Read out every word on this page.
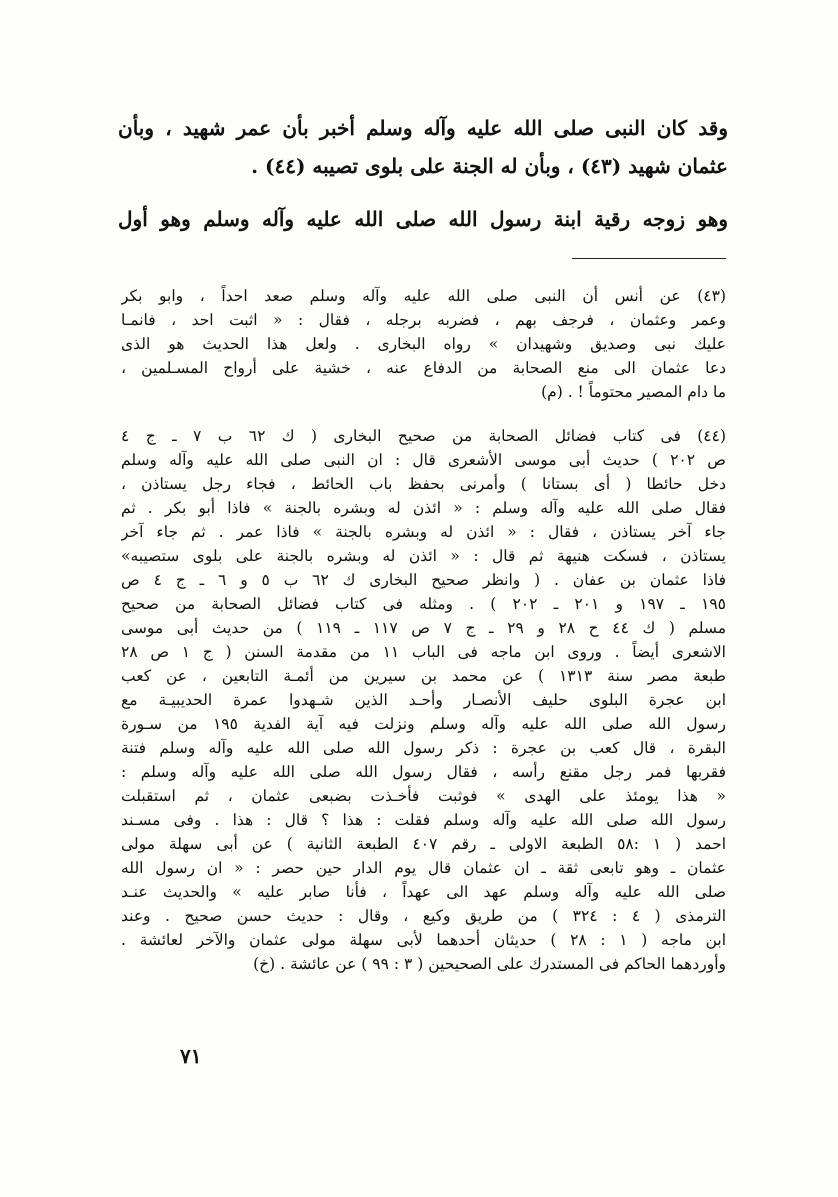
وقد كان النبى صلى الله عليه وآله وسلم أخبر بأن عمر شهيد ، وبأن
عثمان شهيد (٤٣) ، وبأن له الجنة على بلوى تصيبه (٤٤) .
وهو زوجه رقية ابنة رسول الله صلى الله عليه وآله وسلم وهو أول
(٤٣) عن أنس أن النبى صلى الله عليه وآله وسلم صعد احداً ، وابو بكر
وعمر وعثمان ، فرجف بهم ، فضربه برجله ، فقال : « اثبت احد ، فانمـا
عليك نبى وصديق وشهيدان » رواه البخارى . ولعل هذا الحديث هو الذى
دعا عثمان الى منع الصحابة من الدفاع عنه ، خشية على أرواح المسـلمين ،
ما دام المصير محتوماً ! . (م)
(٤٤) فى كتاب فضائل الصحابة من صحيح البخارى ( ك ٦٢ ب ٧ ـ ج ٤
ص ٢٠٢ ) حديث أبى موسى الأشعرى قال : ان النبى صلى الله عليه وآله وسلم
دخل حائطا ( أى بستانا ) وأمرنى بحفظ باب الحائط ، فجاء رجل يستاذن ،
فقال صلى الله عليه وآله وسلم : « ائذن له وبشره بالجنة » فاذا أبو بكر . ثم
جاء آخر يستاذن ، فقال : « ائذن له وبشره بالجنة » فاذا عمر . ثم جاء آخر
يستاذن ، فسكت هنيهة ثم قال : « ائذن له وبشره بالجنة على بلوى ستصيبه»
فاذا عثمان بن عفان . ( وانظر صحيح البخارى ك ٦٢ ب ٥ و ٦ ـ ج ٤ ص
١٩٥ ـ ١٩٧ و ٢٠١ ـ ٢٠٢ ) . ومثله فى كتاب فضائل الصحابة من صحيح
مسلم ( ك ٤٤ ح ٢٨ و ٢٩ ـ ج ٧ ص ١١٧ ـ ١١٩ ) من حديث أبى موسى
الاشعرى أيضاً . وروى ابن ماجه فى الباب ١١ من مقدمة السنن ( ج ١ ص ٢٨
طبعة مصر سنة ١٣١٣ ) عن محمد بن سيرين من أئمـة التابعين ، عن كعب
ابن عجرة البلوى حليف الأنصـار وأحـد الذين شـهدوا عمرة الحديبيـة مع
رسول الله صلى الله عليه وآله وسلم ونزلت فيه آية الفدية ١٩٥ من سـورة
البقرة ، قال كعب بن عجرة : ذكر رسول الله صلى الله عليه وآله وسلم فتنة
فقربها فمر رجل مقنع رأسه ، فقال رسول الله صلى الله عليه وآله وسلم :
« هذا يومئذ على الهدى » فوثبت فأخـذت بضبعى عثمان ، ثم استقبلت
رسول الله صلى الله عليه وآله وسلم فقلت : هذا ؟ قال : هذا . وفى مسـند
احمد ( ١ :٥٨ الطبعة الاولى ـ رقم ٤٠٧ الطبعة الثانية ) عن أبى سهلة مولى
عثمان ـ وهو تابعى ثقة ـ ان عثمان قال يوم الدار حين حصر : « ان رسول الله
صلى الله عليه وآله وسلم عهد الى عهداً ، فأنا صابر عليه » والحديث عنـد
الترمذى ( ٤ : ٣٢٤ ) من طريق وكيع ، وقال : حديث حسن صحيح . وعند
ابن ماجه ( ١ : ٢٨ ) حديثان أحدهما لأبى سهلة مولى عثمان والآخر لعائشة .
وأوردهما الحاكم فى المستدرك على الصحيحين ( ٣ : ٩٩ ) عن عائشة . (خ)
٧١
